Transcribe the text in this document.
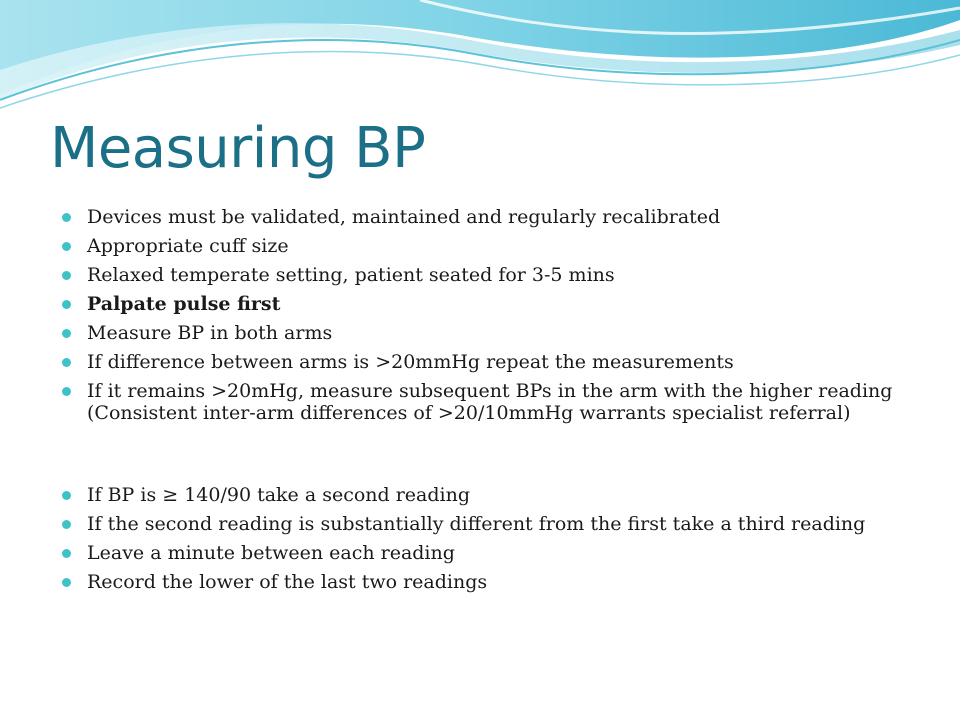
Measuring BP
Devices must be validated, maintained and regularly recalibrated
Appropriate cuff size
Relaxed temperate setting, patient seated for 3-5 mins
Palpate pulse first
Measure BP in both arms
If difference between arms is >20mmHg repeat the measurements
If it remains >20mHg, measure subsequent BPs in the arm with the higher reading (Consistent inter-arm differences of >20/10mmHg warrants specialist referral)
If BP is ≥ 140/90 take a second reading
If the second reading is substantially different from the first take a third reading
Leave a minute between each reading
Record the lower of the last two readings
